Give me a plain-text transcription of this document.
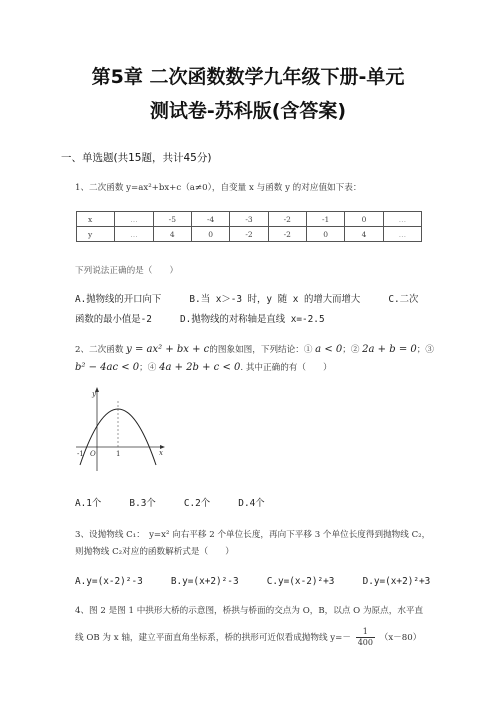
第5章 二次函数数学九年级下册-单元
测试卷-苏科版(含答案)
一、单选题(共15题，共计45分)
1、二次函数 y=ax²+bx+c（a≠0），自变量 x 与函数 y 的对应值如下表：
x	…	-5	-4	-3	-2	-1	0	…
y	…	4	0	-2	-2	0	4	…
下列说法正确的是（　　）
A.抛物线的开口向下　　　B.当 x＞-3 时，y 随 x 的增大而增大　　　C.二次
函数的最小值是-2　　　D.抛物线的对称轴是直线 x=-2.5
2、二次函数 y = ax² + bx + c的图象如图，下列结论：① a < 0；② 2a + b = 0；③
b² − 4ac < 0；④ 4a + 2b + c < 0. 其中正确的有（　　）
y
x
O
-1	1
A.1个　　　B.3个　　　C.2个　　　D.4个
3、设抛物线 C₁：　y=x² 向右平移 2 个单位长度，再向下平移 3 个单位长度得到抛物线 C₂，
则抛物线 C₂对应的函数解析式是（　　）
A.y=(x-2)²-3　　　B.y=(x+2)²-3　　　C.y=(x-2)²+3　　　D.y=(x+2)²+3
4、图 2 是图 1 中拱形大桥的示意图，桥拱与桥面的交点为 O，B，以点 O 为原点，水平直
线 OB 为 x 轴，建立平面直角坐标系，桥的拱形可近似看成抛物线 $y=- \frac{1}{400} (x-80)$
